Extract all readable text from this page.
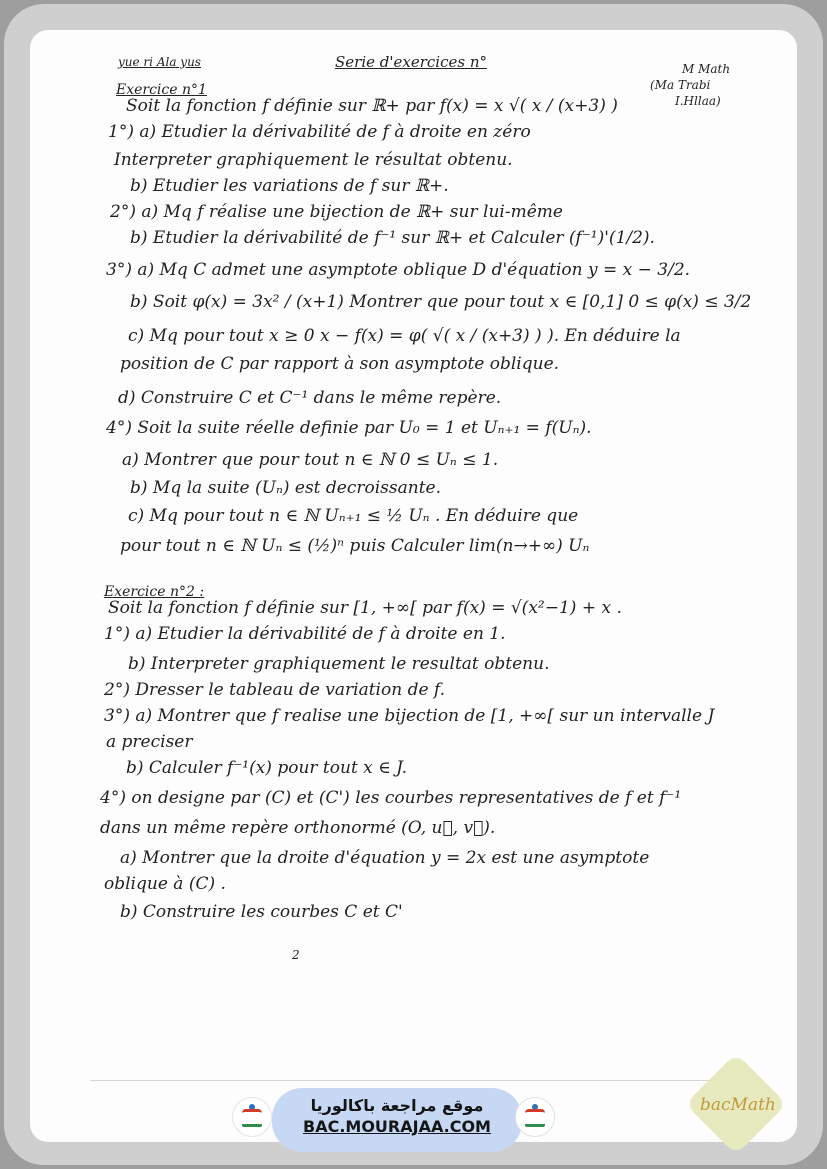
yue ri Ala yus	Serie d'exercices n°	M Math
(Ma Trabi
I.Hllaa)
Exercice n°1
Soit la fonction f définie sur ℝ+ par f(x) = x √( x / (x+3) )
1°) a) Etudier la dérivabilité de f à droite en zéro
Interpreter graphiquement le résultat obtenu.
b) Etudier les variations de f sur ℝ+.
2°) a) Mq f réalise une bijection de ℝ+ sur lui-même
b) Etudier la dérivabilité de f⁻¹ sur ℝ+ et Calculer (f⁻¹)'(1/2).
3°) a) Mq C admet une asymptote oblique D d'équation y = x − 3/2.
b) Soit φ(x) = 3x² / (x+1) Montrer que pour tout x ∈ [0,1] 0 ≤ φ(x) ≤ 3/2
c) Mq pour tout x ≥ 0 x − f(x) = φ( √( x / (x+3) ) ). En déduire la
position de C par rapport à son asymptote oblique.
d) Construire C et C⁻¹ dans le même repère.
4°) Soit la suite réelle definie par U₀ = 1 et Uₙ₊₁ = f(Uₙ).
a) Montrer que pour tout n ∈ ℕ 0 ≤ Uₙ ≤ 1.
b) Mq la suite (Uₙ) est decroissante.
c) Mq pour tout n ∈ ℕ Uₙ₊₁ ≤ ½ Uₙ . En déduire que
pour tout n ∈ ℕ Uₙ ≤ (½)ⁿ puis Calculer lim(n→+∞) Uₙ
Exercice n°2 :
Soit la fonction f définie sur [1, +∞[ par f(x) = √(x²−1) + x .
1°) a) Etudier la dérivabilité de f à droite en 1.
b) Interpreter graphiquement le resultat obtenu.
2°) Dresser le tableau de variation de f.
3°) a) Montrer que f realise une bijection de [1, +∞[ sur un intervalle J
a preciser
b) Calculer f⁻¹(x) pour tout x ∈ J.
4°) on designe par (C) et (C') les courbes representatives de f et f⁻¹
dans un même repère orthonormé (O, u⃗, v⃗).
a) Montrer que la droite d'équation y = 2x est une asymptote
oblique à (C) .
b) Construire les courbes C et C'
2
موقع مراجعة باكالوريا
BAC.MOURAJAA.COM
bacMath
